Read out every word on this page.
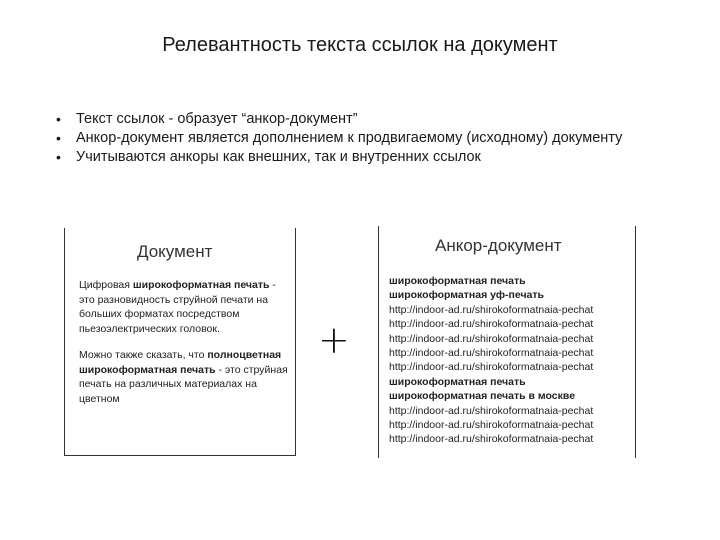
Релевантность текста ссылок на документ
• Текст ссылок - образует “анкор-документ”
• Анкор-документ является дополнением к продвигаемому (исходному) документу
• Учитываются анкоры как внешних, так и внутренних ссылок
Документ
Цифровая широкоформатная печать - это разновидность струйной печати на больших форматах посредством пьезоэлектрических головок.
Можно также сказать, что полноцветная широкоформатная печать - это струйная печать на различных материалах на цветном
+
Анкор-документ
широкоформатная печать
широкоформатная уф-печать
http://indoor-ad.ru/shirokoformatnaia-pechat
http://indoor-ad.ru/shirokoformatnaia-pechat
http://indoor-ad.ru/shirokoformatnaia-pechat
http://indoor-ad.ru/shirokoformatnaia-pechat
http://indoor-ad.ru/shirokoformatnaia-pechat
широкоформатная печать
широкоформатная печать в москве
http://indoor-ad.ru/shirokoformatnaia-pechat
http://indoor-ad.ru/shirokoformatnaia-pechat
http://indoor-ad.ru/shirokoformatnaia-pechat
